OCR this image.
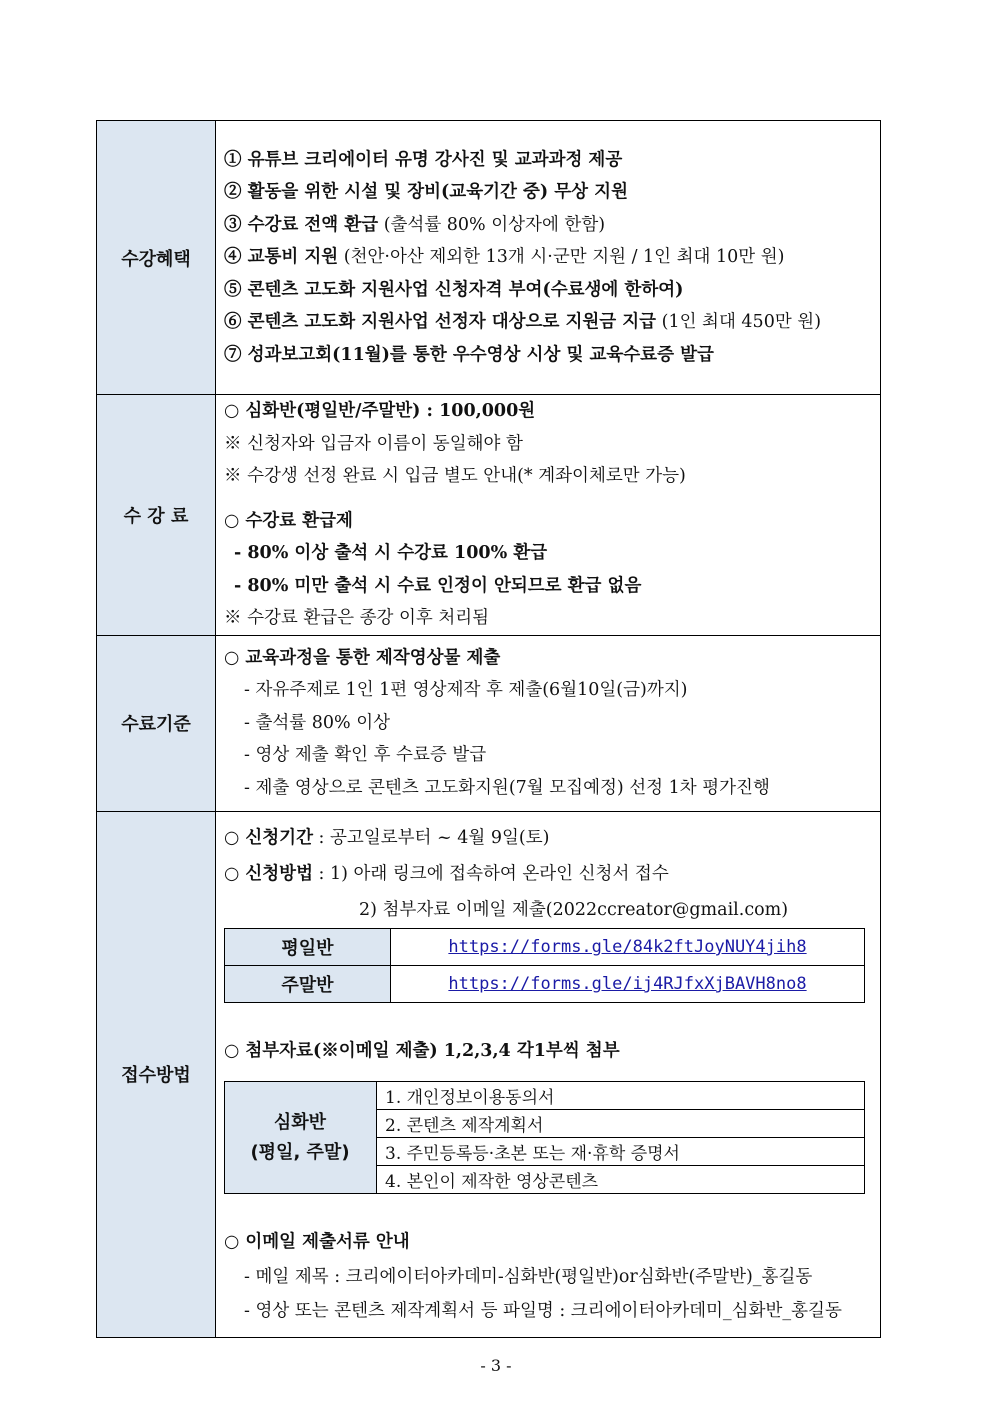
수강혜택	
① 유튜브 크리에이터 유명 강사진 및 교과과정 제공
② 활동을 위한 시설 및 장비(교육기간 중) 무상 지원
③ 수강료 전액 환급 (출석률 80% 이상자에 한함)
④ 교통비 지원 (천안·아산 제외한 13개 시·군만 지원 / 1인 최대 10만 원)
⑤ 콘텐츠 고도화 지원사업 신청자격 부여(수료생에 한하여)
⑥ 콘텐츠 고도화 지원사업 선정자 대상으로 지원금 지급 (1인 최대 450만 원)
⑦ 성과보고회(11월)를 통한 우수영상 시상 및 교육수료증 발급

수 강 료	
○ 심화반(평일반/주말반) : 100,000원
※ 신청자와 입금자 이름이 동일해야 함
※ 수강생 선정 완료 시 입금 별도 안내(* 계좌이체로만 가능)
○ 수강료 환급제
- 80% 이상 출석 시 수강료 100% 환급
- 80% 미만 출석 시 수료 인정이 안되므로 환급 없음
※ 수강료 환급은 종강 이후 처리됨

수료기준	
○ 교육과정을 통한 제작영상물 제출
- 자유주제로 1인 1편 영상제작 후 제출(6월10일(금)까지)
- 출석률 80% 이상
- 영상 제출 확인 후 수료증 발급
- 제출 영상으로 콘텐츠 고도화지원(7월 모집예정) 선정 1차 평가진행

접수방법	
○ 신청기간 : 공고일로부터 ~ 4월 9일(토)
○ 신청방법 : 1) 아래 링크에 접속하여 온라인 신청서 접수
2) 첨부자료 이메일 제출(2022ccreator@gmail.com)
평일반	https://forms.gle/84k2ftJoyNUY4jih8
주말반	https://forms.gle/ij4RJfxXjBAVH8no8
○ 첨부자료(※이메일 제출) 1,2,3,4 각1부씩 첨부
심화반
(평일, 주말)
	1. 개인정보이용동의서
2. 콘텐츠 제작계획서
3. 주민등록등·초본 또는 재·휴학 증명서
4. 본인이 제작한 영상콘텐츠
○ 이메일 제출서류 안내
- 메일 제목 : 크리에이터아카데미-심화반(평일반)or심화반(주말반)_홍길동
- 영상 또는 콘텐츠 제작계획서 등 파일명 : 크리에이터아카데미_심화반_홍길동
- 3 -
